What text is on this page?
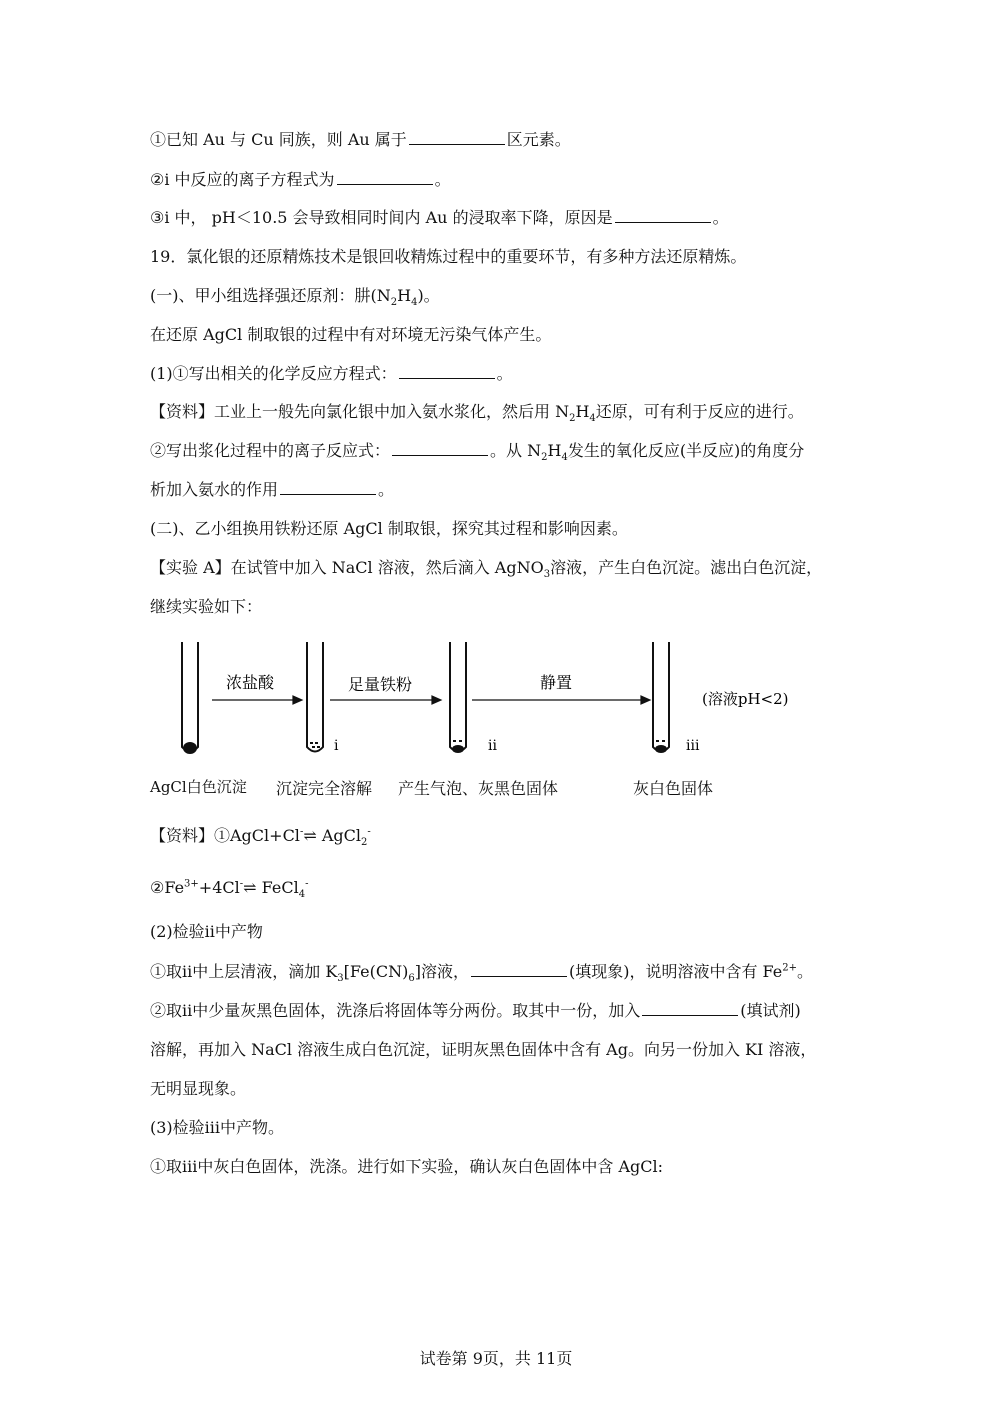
①已知 Au 与 Cu 同族，则 Au 属于	区元素。
②i 中反应的离子方程式为	。
③i 中， pH＜10.5 会导致相同时间内 Au 的浸取率下降，原因是	。
19．氯化银的还原精炼技术是银回收精炼过程中的重要环节，有多种方法还原精炼。
(一)、甲小组选择强还原剂：肼$(N_2H_4)$。
在还原 AgCl 制取银的过程中有对环境无污染气体产生。
(1)①写出相关的化学反应方程式：	。
【资料】工业上一般先向氯化银中加入氨水浆化，然后用 $N_2H_4$还原，可有利于反应的进行。
②写出浆化过程中的离子反应式：	。从 $N_2H_4$发生的氧化反应(半反应)的角度分
析加入氨水的作用	。
(二)、乙小组换用铁粉还原 AgCl 制取银，探究其过程和影响因素。
【实验 A】在试管中加入 NaCl 溶液，然后滴入 AgNO$_3$溶液，产生白色沉淀。滤出白色沉淀，
继续实验如下：
浓盐酸
i
足量铁粉
ii
静置
iii
(溶液pH<2)
AgCl白色沉淀 沉淀完全溶解 产生气泡、灰黑色固体	灰白色固体
【资料】①AgCl+Cl-⇌ AgCl$_2$-
$②Fe^{3+}+4Cl^-\rightleftharpoons$ FeCl$_4$-
(2)检验ii中产物
①取ii中上层清液，滴加 $K_3[Fe(CN)_6]$溶液，	(填现象)，说明溶液中含有 $Fe^{2+}$。
②取ii中少量灰黑色固体，洗涤后将固体等分两份。取其中一份，加入	(填试剂)
溶解，再加入 NaCl 溶液生成白色沉淀，证明灰黑色固体中含有 Ag。向另一份加入 KI 溶液，
无明显现象。
(3)检验iii中产物。
①取iii中灰白色固体，洗涤。进行如下实验，确认灰白色固体中含 AgCl:
试卷第 9页，共 11页
